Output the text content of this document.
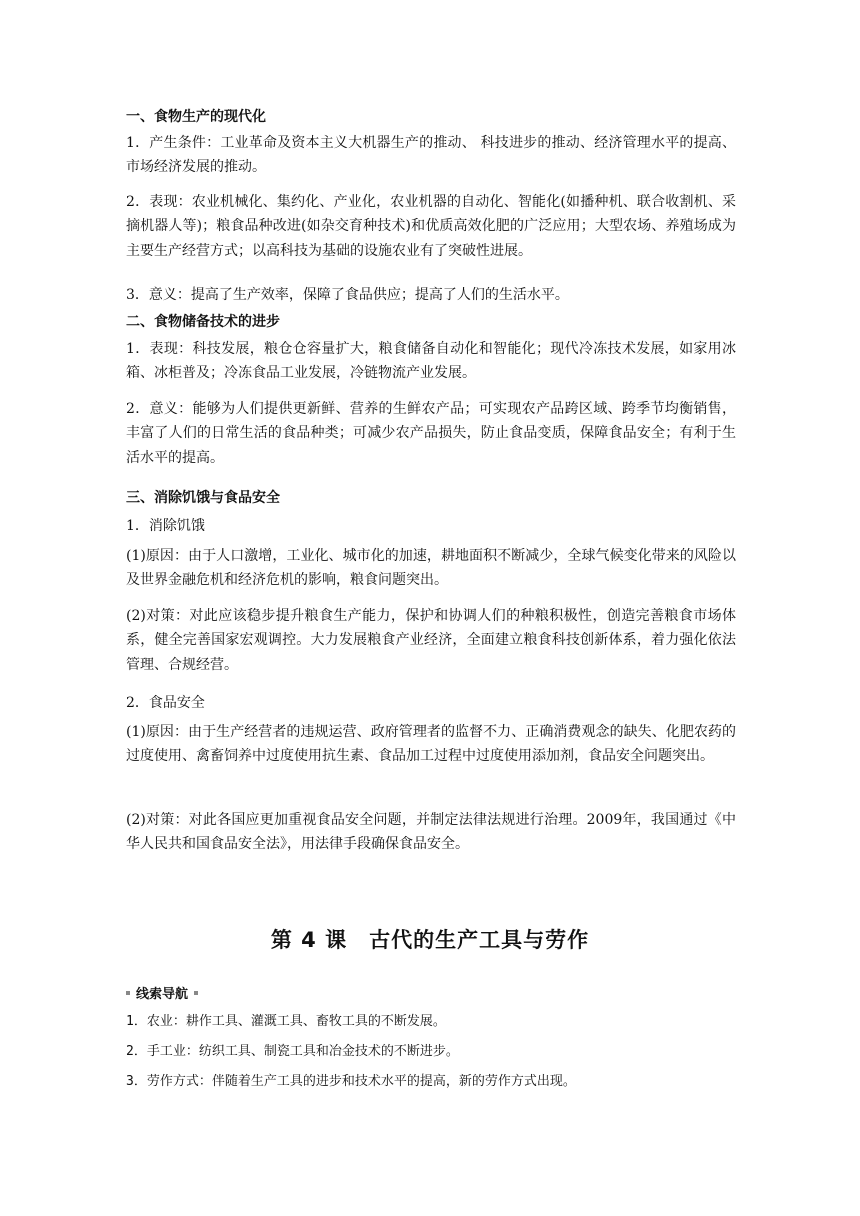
一、食物生产的现代化

1．产生条件：工业革命及资本主义大机器生产的推动、 科技进步的推动、经济管理水平的提高、市场经济发展的推动。

2．表现：农业机械化、集约化、产业化，农业机器的自动化、智能化(如播种机、联合收割机、采摘机器人等)；粮食品种改进(如杂交育种技术)和优质高效化肥的广泛应用；大型农场、养殖场成为主要生产经营方式；以高科技为基础的设施农业有了突破性进展。

3．意义：提高了生产效率，保障了食品供应；提高了人们的生活水平。

二、食物储备技术的进步

1．表现：科技发展，粮仓仓容量扩大，粮食储备自动化和智能化；现代冷冻技术发展，如家用冰箱、冰柜普及；冷冻食品工业发展，冷链物流产业发展。

2．意义：能够为人们提供更新鲜、营养的生鲜农产品；可实现农产品跨区域、跨季节均衡销售，丰富了人们的日常生活的食品种类；可减少农产品损失，防止食品变质，保障食品安全；有利于生活水平的提高。

三、消除饥饿与食品安全

1．消除饥饿

(1)原因：由于人口激增，工业化、城市化的加速，耕地面积不断减少，全球气候变化带来的风险以及世界金融危机和经济危机的影响，粮食问题突出。

(2)对策：对此应该稳步提升粮食生产能力，保护和协调人们的种粮积极性，创造完善粮食市场体系，健全完善国家宏观调控。大力发展粮食产业经济，全面建立粮食科技创新体系，着力强化依法管理、合规经营。

2．食品安全

(1)原因：由于生产经营者的违规运营、政府管理者的监督不力、正确消费观念的缺失、化肥农药的过度使用、禽畜饲养中过度使用抗生素、食品加工过程中过度使用添加剂，食品安全问题突出。

(2)对策：对此各国应更加重视食品安全问题，并制定法律法规进行治理。2009年，我国通过《中华人民共和国食品安全法》，用法律手段确保食品安全。

第 4 课　古代的生产工具与劳作
线索导航
1．农业：耕作工具、灌溉工具、畜牧工具的不断发展。
2．手工业：纺织工具、制瓷工具和冶金技术的不断进步。
3．劳作方式：伴随着生产工具的进步和技术水平的提高，新的劳作方式出现。
